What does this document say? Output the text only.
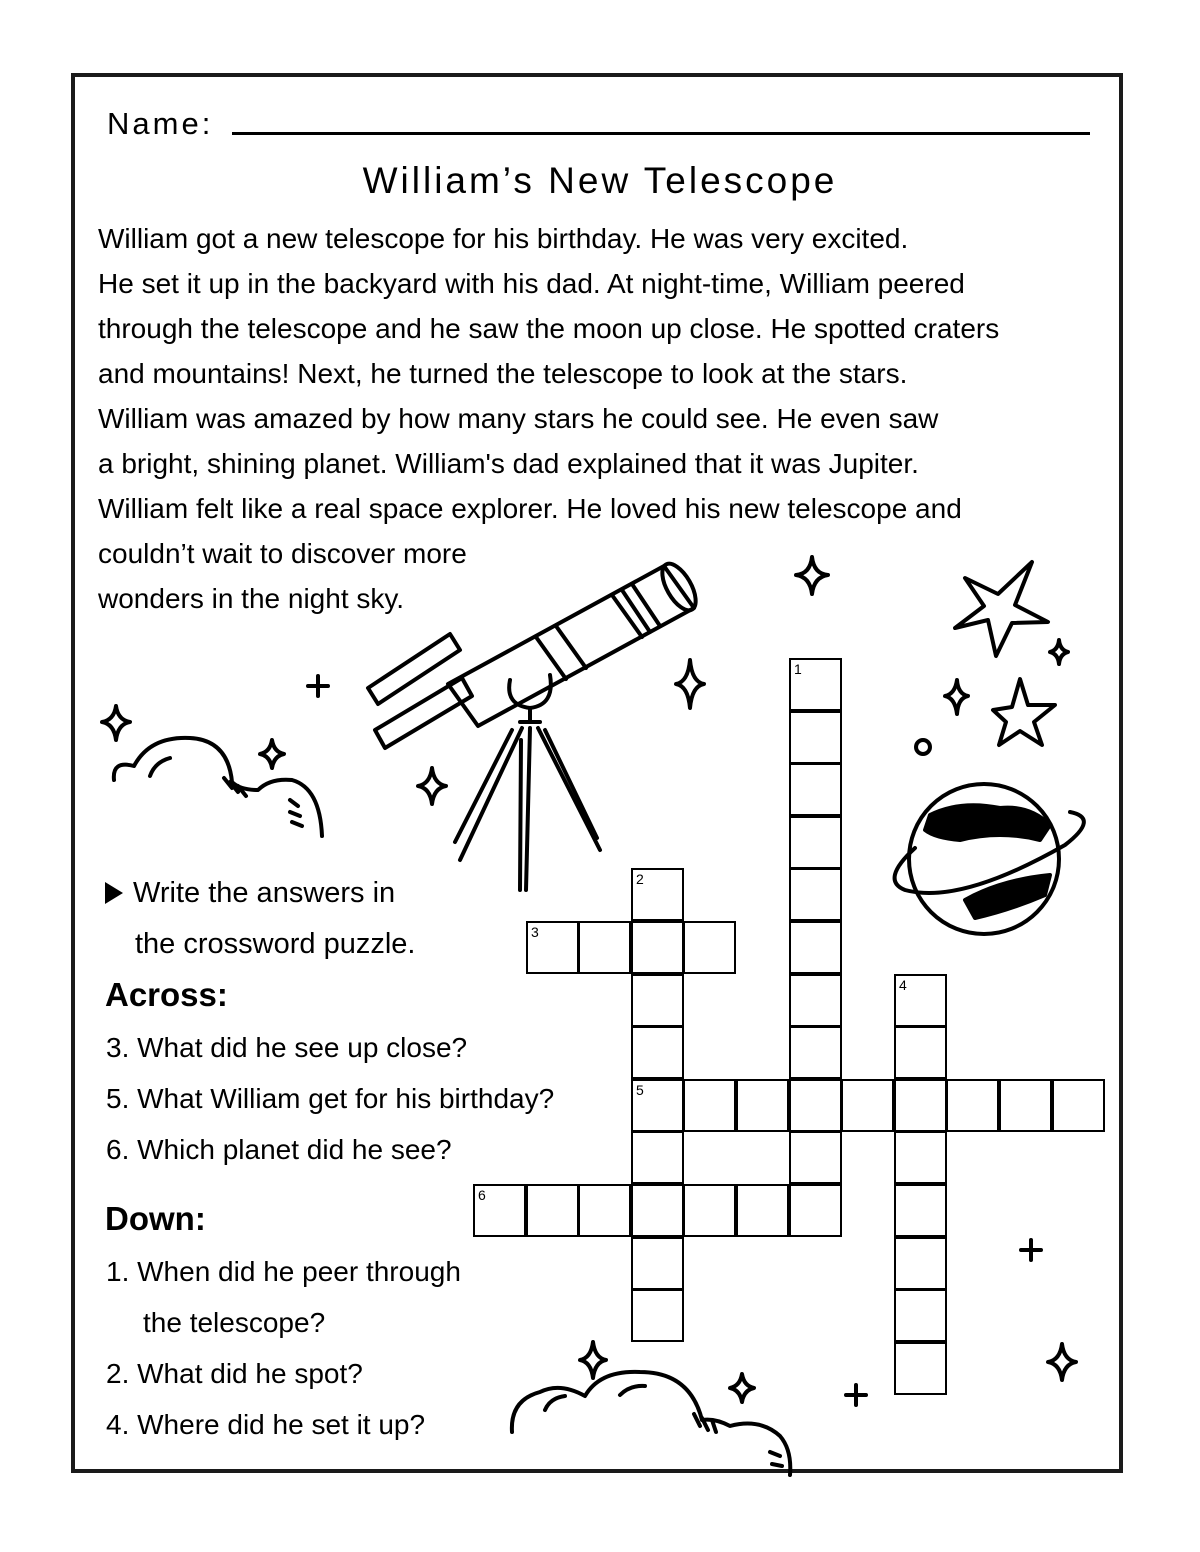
Name:
William’s New Telescope
William got a new telescope for his birthday. He was very excited.
He set it up in the backyard with his dad. At night-time, William peered
through the telescope and he saw the moon up close. He spotted craters
and mountains! Next, he turned the telescope to look at the stars.
William was amazed by how many stars he could see. He even saw
a bright, shining planet. William's dad explained that it was Jupiter.
William felt like a real space explorer. He loved his new telescope and
couldn’t wait to discover more
wonders in the night sky.
Write the answers in
the crossword puzzle.
Across:
3. What did he see up close?
5. What William get for his birthday?
6. Which planet did he see?
Down:
1. When did he peer through
the telescope?
2. What did he spot?
4. Where did he set it up?
1
2
5
3
4
6
